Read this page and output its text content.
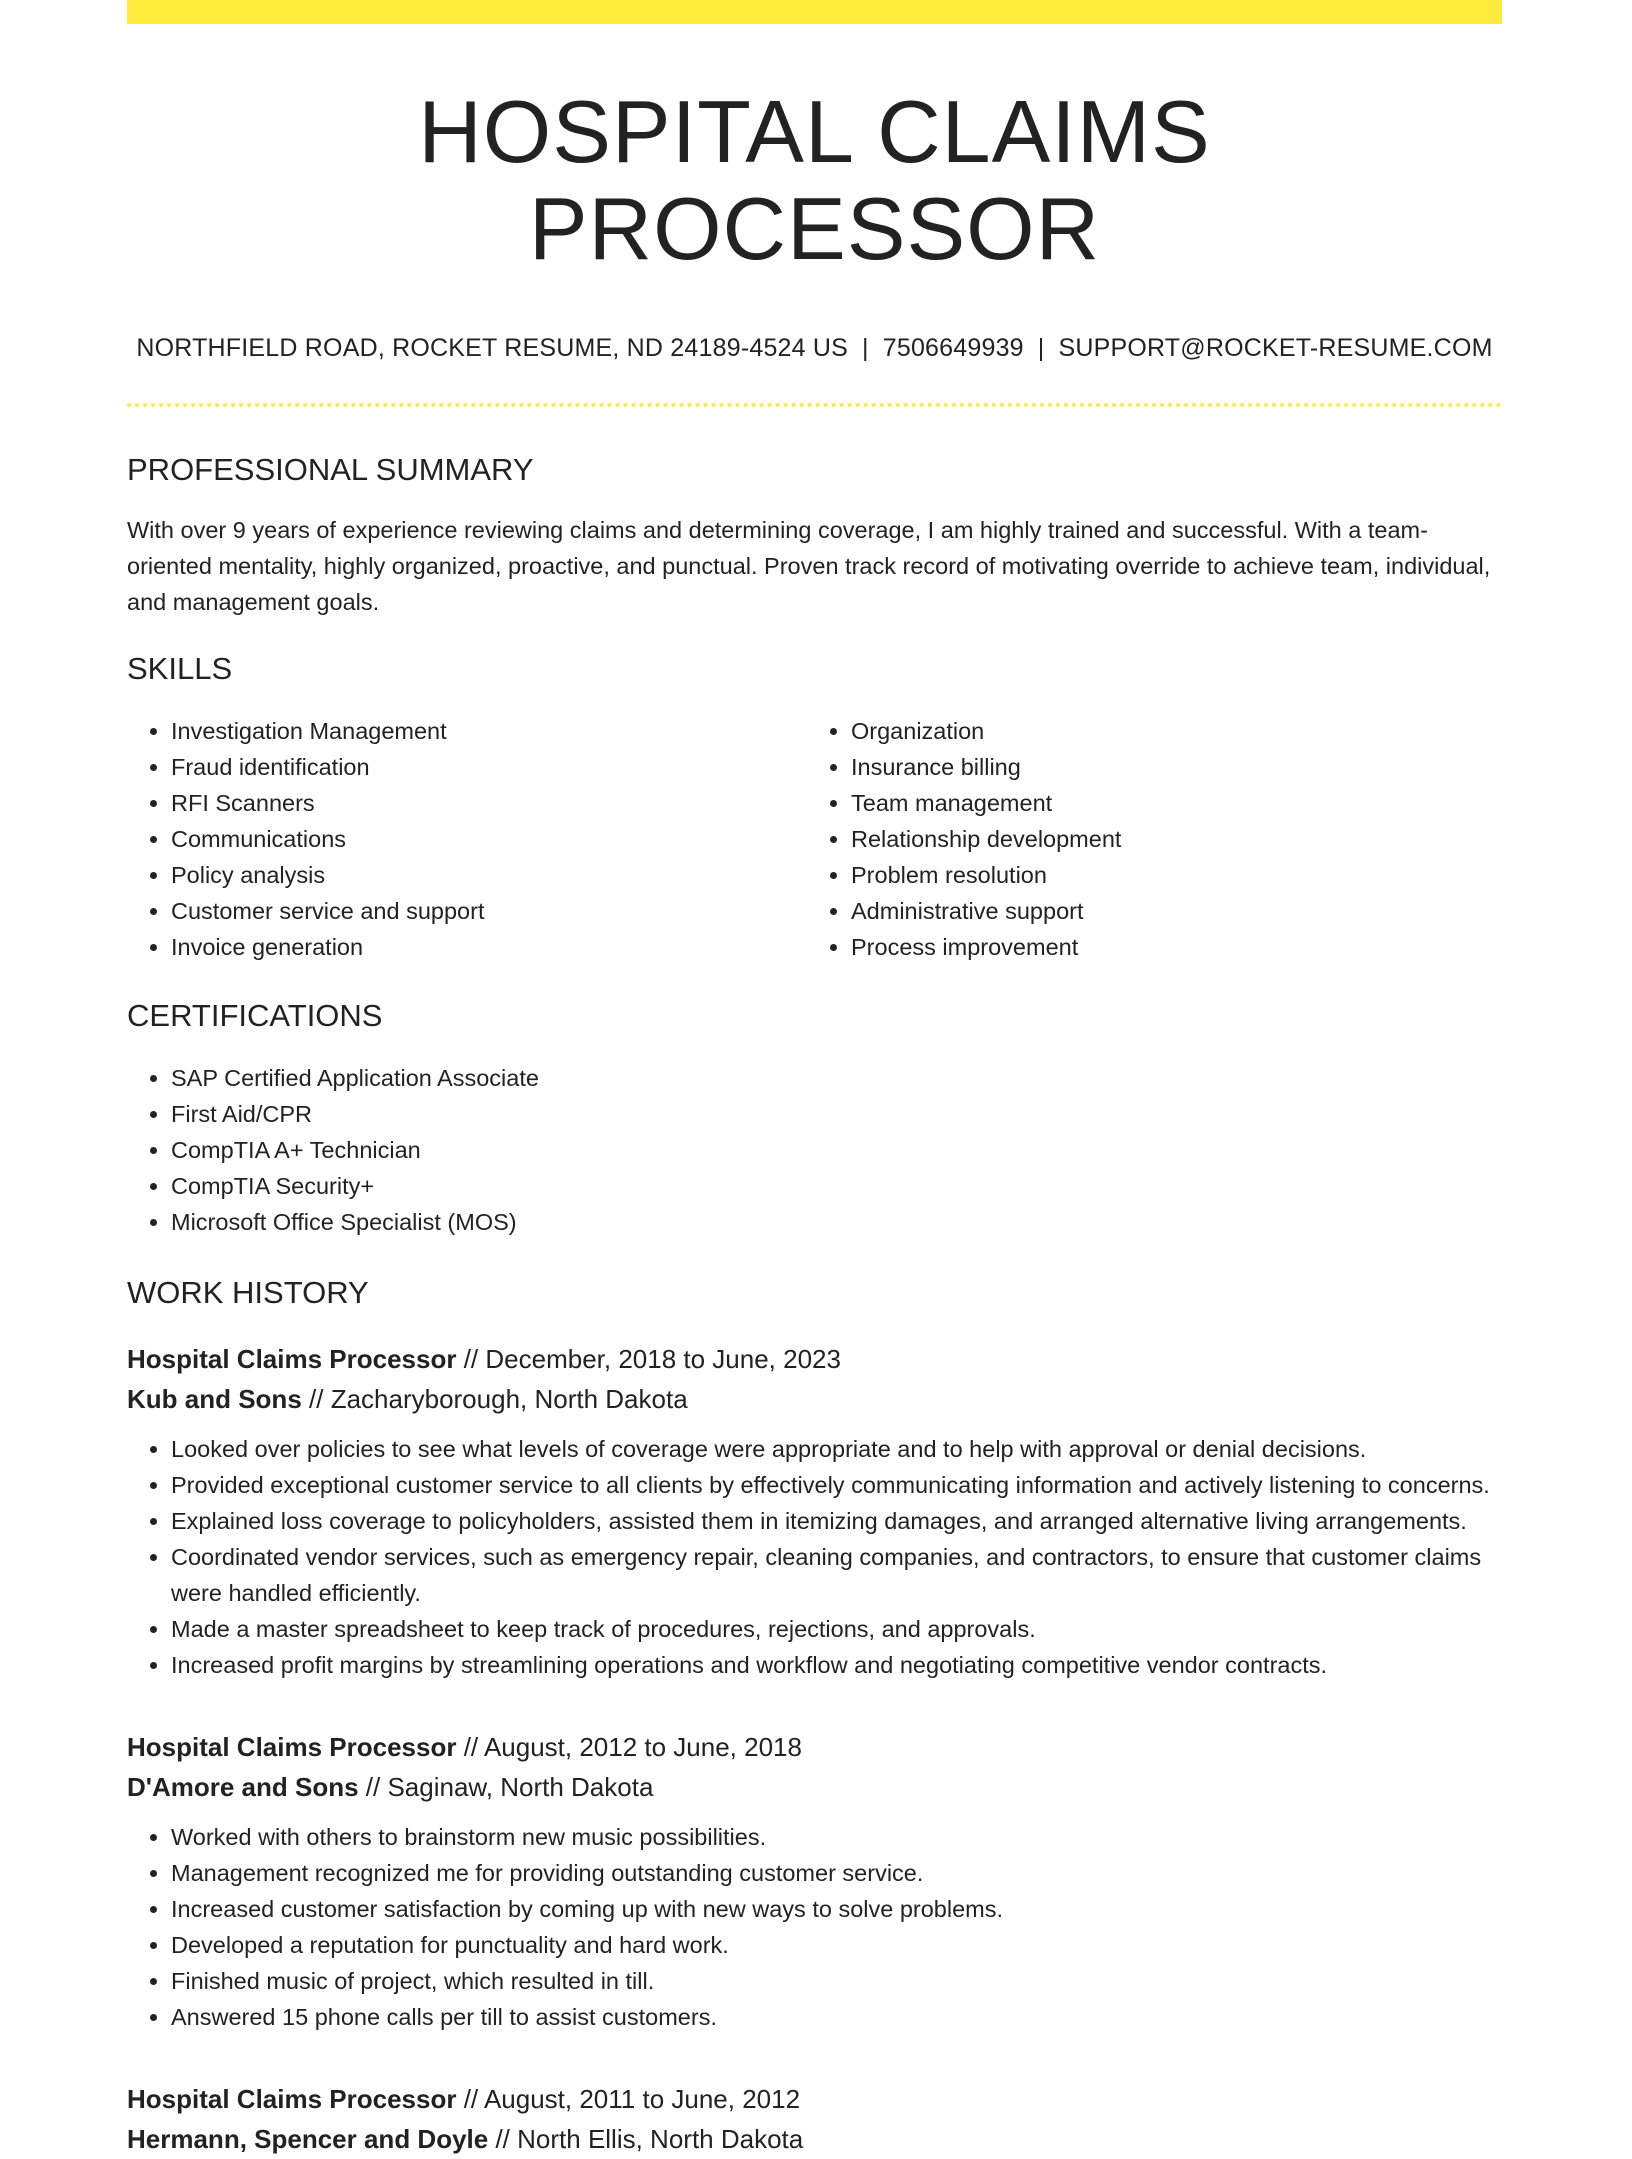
HOSPITAL CLAIMS PROCESSOR
NORTHFIELD ROAD, ROCKET RESUME, ND 24189-4524 US | 7506649939 | SUPPORT@ROCKET-RESUME.COM
PROFESSIONAL SUMMARY
With over 9 years of experience reviewing claims and determining coverage, I am highly trained and successful. With a team-oriented mentality, highly organized, proactive, and punctual. Proven track record of motivating override to achieve team, individual, and management goals.
SKILLS
• Investigation Management
• Fraud identification
• RFI Scanners
• Communications
• Policy analysis
• Customer service and support
• Invoice generation
• Organization
• Insurance billing
• Team management
• Relationship development
• Problem resolution
• Administrative support
• Process improvement
CERTIFICATIONS
• SAP Certified Application Associate
• First Aid/CPR
• CompTIA A+ Technician
• CompTIA Security+
• Microsoft Office Specialist (MOS)
WORK HISTORY
Hospital Claims Processor // December, 2018 to June, 2023
Kub and Sons // Zacharyborough, North Dakota
• Looked over policies to see what levels of coverage were appropriate and to help with approval or denial decisions.
• Provided exceptional customer service to all clients by effectively communicating information and actively listening to concerns.
• Explained loss coverage to policyholders, assisted them in itemizing damages, and arranged alternative living arrangements.
• Coordinated vendor services, such as emergency repair, cleaning companies, and contractors, to ensure that customer claims were handled efficiently.
• Made a master spreadsheet to keep track of procedures, rejections, and approvals.
• Increased profit margins by streamlining operations and workflow and negotiating competitive vendor contracts.
Hospital Claims Processor // August, 2012 to June, 2018
D'Amore and Sons // Saginaw, North Dakota
• Worked with others to brainstorm new music possibilities.
• Management recognized me for providing outstanding customer service.
• Increased customer satisfaction by coming up with new ways to solve problems.
• Developed a reputation for punctuality and hard work.
• Finished music of project, which resulted in till.
• Answered 15 phone calls per till to assist customers.
Hospital Claims Processor // August, 2011 to June, 2012
Hermann, Spencer and Doyle // North Ellis, North Dakota
